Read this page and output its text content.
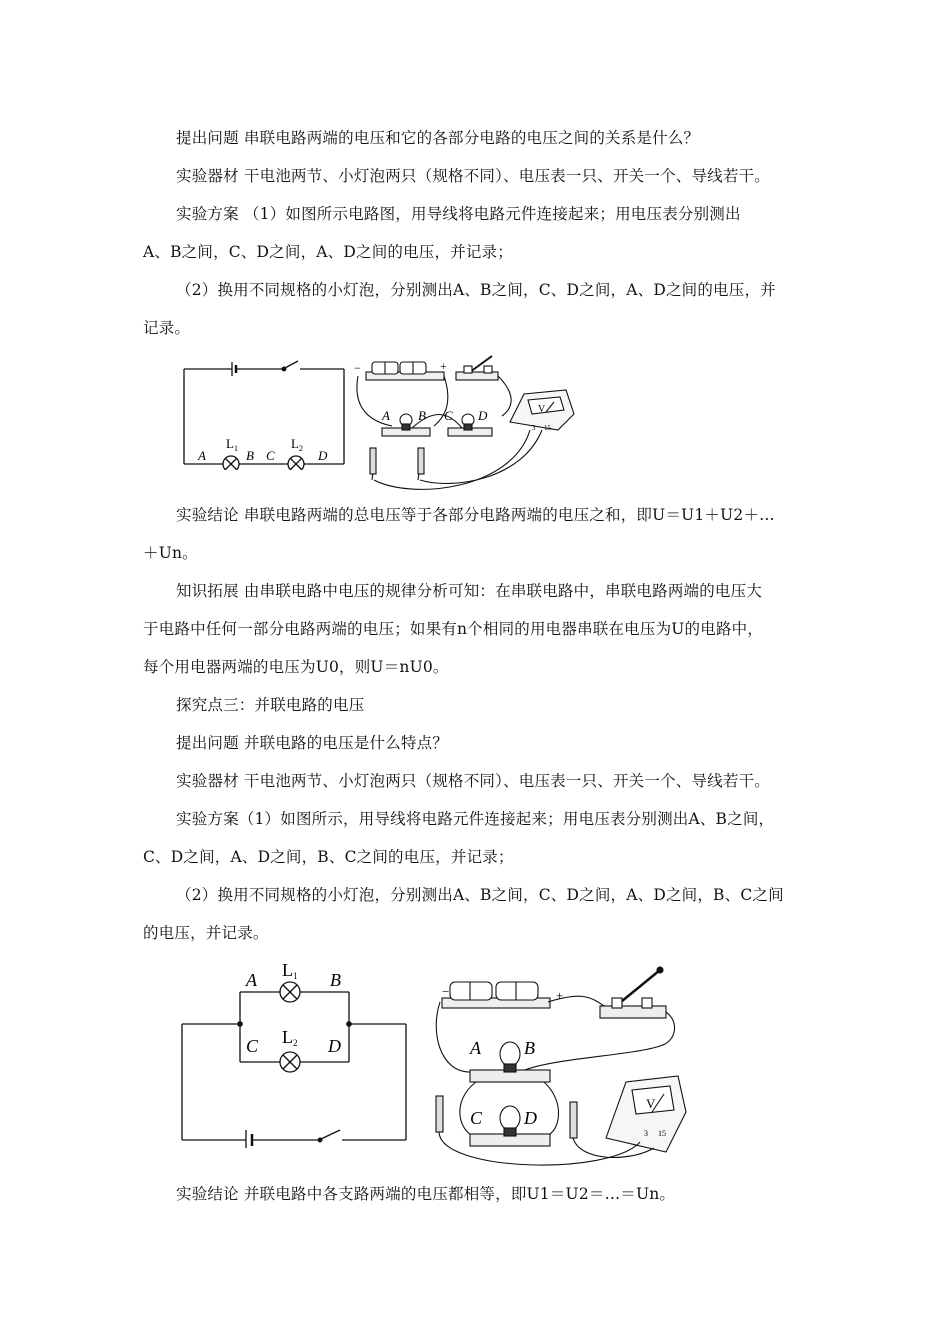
提出问题 串联电路两端的电压和它的各部分电路的电压之间的关系是什么？
实验器材 干电池两节、小灯泡两只（规格不同）、电压表一只、开关一个、导线若干。
实验方案 （1）如图所示电路图，用导线将电路元件连接起来；用电压表分别测出
A、B之间，C、D之间，A、D之间的电压，并记录；
（2）换用不同规格的小灯泡，分别测出A、B之间，C、D之间，A、D之间的电压，并
记录。
A
L 1 B C
L 2 D
−	+
A B C D	V
3 15
实验结论 串联电路两端的总电压等于各部分电路两端的电压之和，即U＝U1＋U2＋…
＋Un。
知识拓展 由串联电路中电压的规律分析可知：在串联电路中，串联电路两端的电压大
于电路中任何一部分电路两端的电压；如果有n个相同的用电器串联在电压为U的电路中，
每个用电器两端的电压为U0，则U＝nU0。
探究点三：并联电路的电压
提出问题 并联电路的电压是什么特点？
实验器材 干电池两节、小灯泡两只（规格不同）、电压表一只、开关一个、导线若干。
实验方案（1）如图所示，用导线将电路元件连接起来；用电压表分别测出A、B之间，
C、D之间，A、D之间，B、C之间的电压，并记录；
（2）换用不同规格的小灯泡，分别测出A、B之间，C、D之间，A、D之间，B、C之间
的电压，并记录。
A L 1 B
C L 2 D
−	+
A B
C D
V
3 15
实验结论 并联电路中各支路两端的电压都相等，即U1＝U2＝…＝Un。
